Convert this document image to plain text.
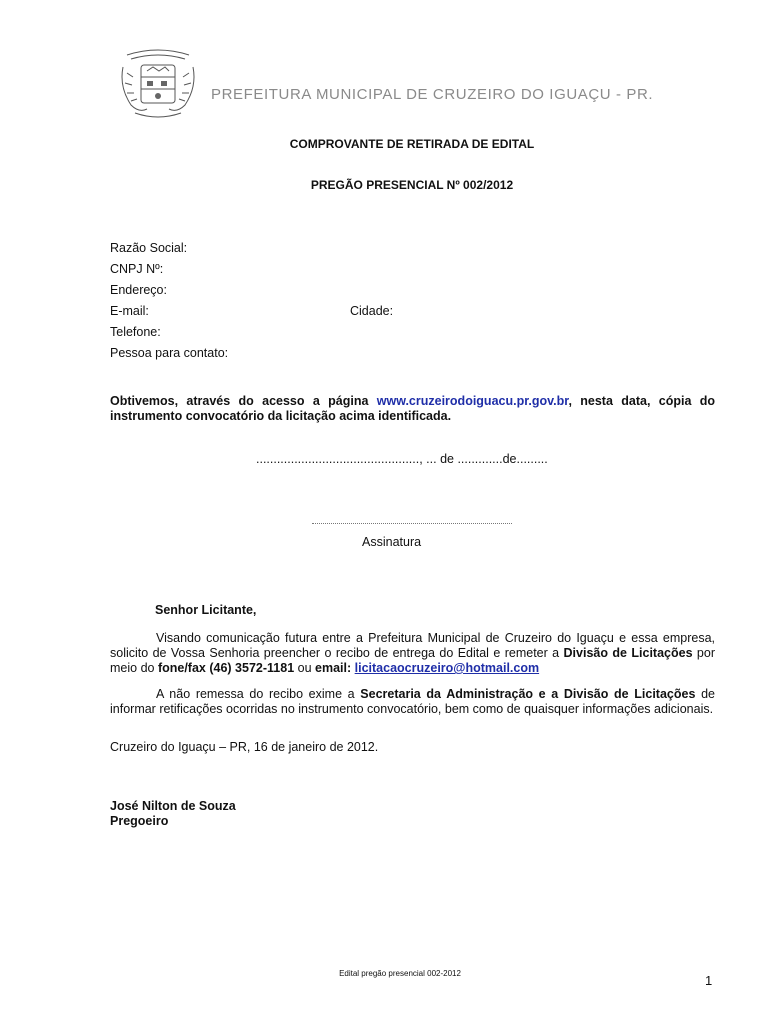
PREFEITURA MUNICIPAL DE CRUZEIRO DO IGUAÇU - PR.
COMPROVANTE DE RETIRADA DE EDITAL
PREGÃO PRESENCIAL Nº 002/2012
Razão Social:
CNPJ Nº:
Endereço:
E-mail:	Cidade:
Telefone:
Pessoa para contato:
Obtivemos, através do acesso a página www.cruzeirodoiguacu.pr.gov.br, nesta data, cópia do instrumento convocatório da licitação acima identificada.
..............................................., ... de .............de.........
Assinatura
Senhor Licitante,
Visando comunicação futura entre a Prefeitura Municipal de Cruzeiro do Iguaçu e essa empresa, solicito de Vossa Senhoria preencher o recibo de entrega do Edital e remeter a Divisão de Licitações por meio do fone/fax (46) 3572-1181 ou email: licitacaocruzeiro@hotmail.com
A não remessa do recibo exime a Secretaria da Administração e a Divisão de Licitações de informar retificações ocorridas no instrumento convocatório, bem como de quaisquer informações adicionais.
Cruzeiro do Iguaçu – PR, 16 de janeiro de 2012.
José Nilton de Souza
Pregoeiro
Edital pregão presencial 002-2012	1
